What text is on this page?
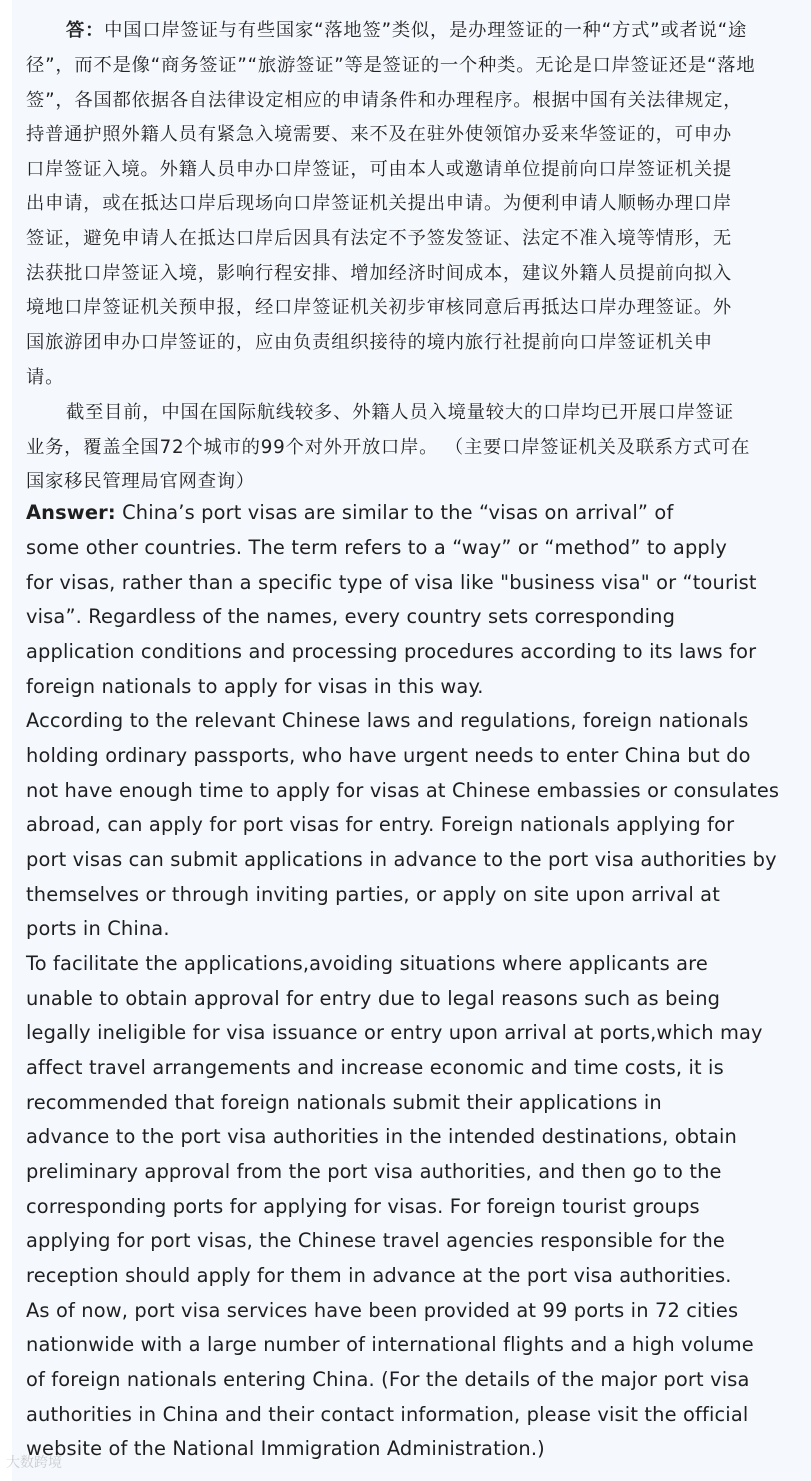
答：中国口岸签证与有些国家“落地签”类似，是办理签证的一种“方式”或者说“途
径”，而不是像“商务签证”“旅游签证”等是签证的一个种类。无论是口岸签证还是“落地
签”，各国都依据各自法律设定相应的申请条件和办理程序。根据中国有关法律规定，
持普通护照外籍人员有紧急入境需要、来不及在驻外使领馆办妥来华签证的，可申办
口岸签证入境。外籍人员申办口岸签证，可由本人或邀请单位提前向口岸签证机关提
出申请，或在抵达口岸后现场向口岸签证机关提出申请。为便利申请人顺畅办理口岸
签证，避免申请人在抵达口岸后因具有法定不予签发签证、法定不准入境等情形，无
法获批口岸签证入境，影响行程安排、增加经济时间成本，建议外籍人员提前向拟入
境地口岸签证机关预申报，经口岸签证机关初步审核同意后再抵达口岸办理签证。外
国旅游团申办口岸签证的，应由负责组织接待的境内旅行社提前向口岸签证机关申
请。
截至目前，中国在国际航线较多、外籍人员入境量较大的口岸均已开展口岸签证
业务，覆盖全国72个城市的99个对外开放口岸。 （主要口岸签证机关及联系方式可在
国家移民管理局官网查询）
Answer: China’s port visas are similar to the “visas on arrival” of
some other countries. The term refers to a “way” or “method” to apply
for visas, rather than a specific type of visa like "business visa" or “tourist
visa”. Regardless of the names, every country sets corresponding
application conditions and processing procedures according to its laws for
foreign nationals to apply for visas in this way.
According to the relevant Chinese laws and regulations, foreign nationals
holding ordinary passports, who have urgent needs to enter China but do
not have enough time to apply for visas at Chinese embassies or consulates
abroad, can apply for port visas for entry. Foreign nationals applying for
port visas can submit applications in advance to the port visa authorities by
themselves or through inviting parties, or apply on site upon arrival at
ports in China.
To facilitate the applications,avoiding situations where applicants are
unable to obtain approval for entry due to legal reasons such as being
legally ineligible for visa issuance or entry upon arrival at ports,which may
affect travel arrangements and increase economic and time costs, it is
recommended that foreign nationals submit their applications in
advance to the port visa authorities in the intended destinations, obtain
preliminary approval from the port visa authorities, and then go to the
corresponding ports for applying for visas. For foreign tourist groups
applying for port visas, the Chinese travel agencies responsible for the
reception should apply for them in advance at the port visa authorities.
As of now, port visa services have been provided at 99 ports in 72 cities
nationwide with a large number of international flights and a high volume
of foreign nationals entering China. (For the details of the major port visa
authorities in China and their contact information, please visit the official
website of the National Immigration Administration.)
大数跨境
